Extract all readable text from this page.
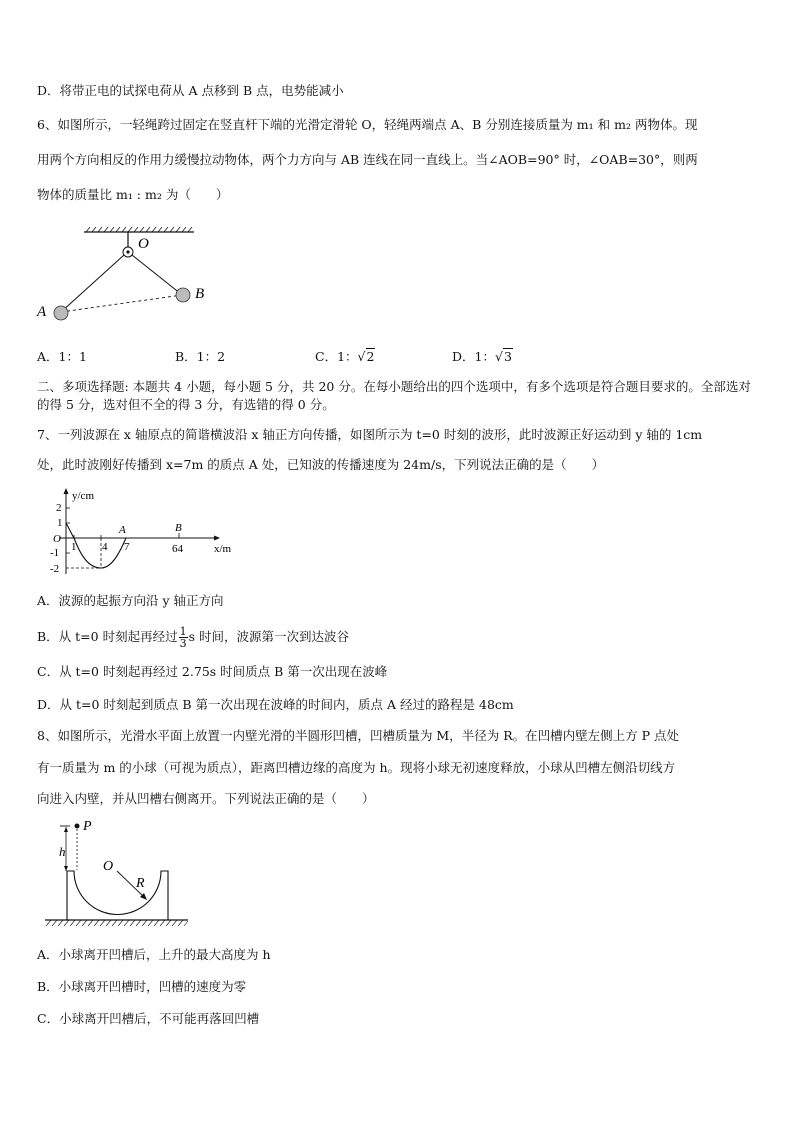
D．将带正电的试探电荷从 A 点移到 B 点，电势能减小
6、如图所示，一轻绳跨过固定在竖直杆下端的光滑定滑轮 O，轻绳两端点 A、B 分别连接质量为 m₁ 和 m₂ 两物体。现
用两个方向相反的作用力缓慢拉动物体，两个力方向与 AB 连线在同一直线上。当∠AOB=90° 时，∠OAB=30°，则两
物体的质量比 m₁ : m₂ 为（　　）
O
A
B
A．1：1	B．1：2	C．1：√2	D．1：√3
二、多项选择题: 本题共 4 小题，每小题 5 分，共 20 分。在每小题给出的四个选项中，有多个选项是符合题目要求的。全部选对的得 5 分，选对但不全的得 3 分，有选错的得 0 分。
7、一列波源在 x 轴原点的简谐横波沿 x 轴正方向传播，如图所示为 t=0 时刻的波形，此时波源正好运动到 y 轴的 1cm
处，此时波刚好传播到 x=7m 的质点 A 处，已知波的传播速度为 24m/s，下列说法正确的是（　　）
y/cm
x/m
O
2
1
-1
-2
1 4 7	64
A	B
A．波源的起振方向沿 y 轴正方向
B．从 t=0 时刻起再经过 $\frac{1}{3}$ s 时间，波源第一次到达波谷
C．从 t=0 时刻起再经过 2.75s 时间质点 B 第一次出现在波峰
D．从 t=0 时刻起到质点 B 第一次出现在波峰的时间内，质点 A 经过的路程是 48cm
8、如图所示，光滑水平面上放置一内壁光滑的半圆形凹槽，凹槽质量为 M，半径为 R。在凹槽内壁左侧上方 P 点处
有一质量为 m 的小球（可视为质点），距离凹槽边缘的高度为 h。现将小球无初速度释放，小球从凹槽左侧沿切线方
向进入内壁，并从凹槽右侧离开。下列说法正确的是（　　）
P
h
O
R
A．小球离开凹槽后，上升的最大高度为 h
B．小球离开凹槽时，凹槽的速度为零
C．小球离开凹槽后，不可能再落回凹槽
